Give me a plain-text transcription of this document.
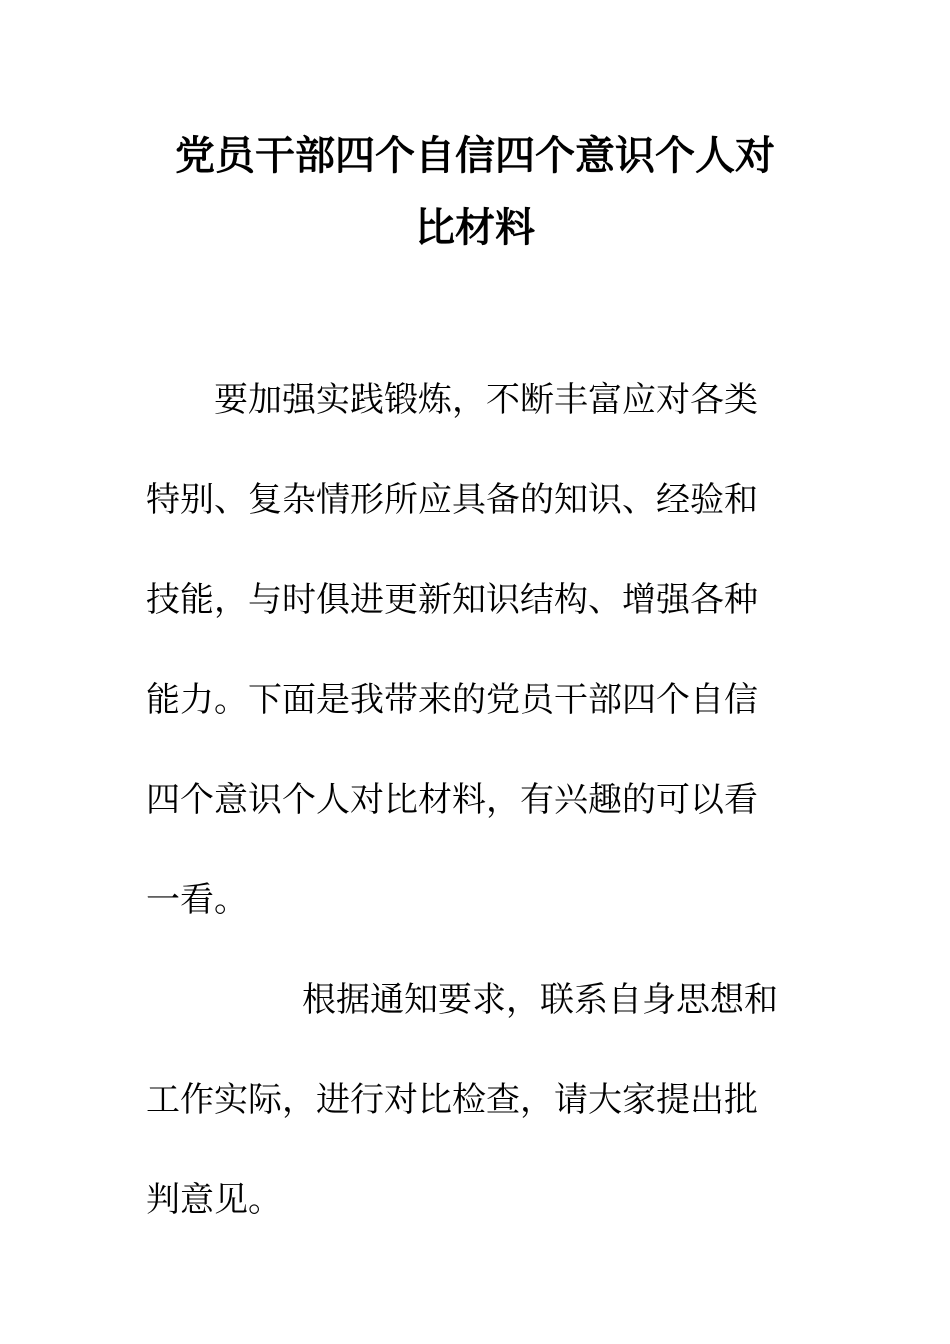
党员干部四个自信四个意识个人对
比材料
要加强实践锻炼，不断丰富应对各类
特别、复杂情形所应具备的知识、经验和
技能，与时俱进更新知识结构、增强各种
能力。下面是我带来的党员干部四个自信
四个意识个人对比材料，有兴趣的可以看
一看。
根据通知要求，联系自身思想和
工作实际，进行对比检查，请大家提出批
判意见。
